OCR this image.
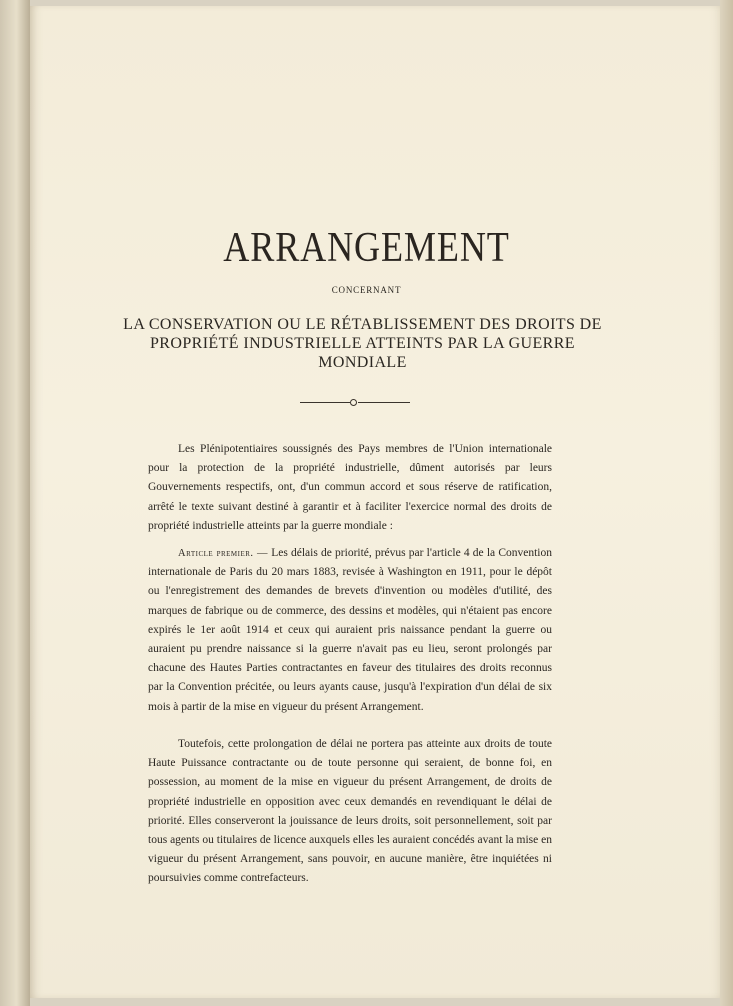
ARRANGEMENT
CONCERNANT
LA CONSERVATION OU LE RÉTABLISSEMENT DES DROITS DE PROPRIÉTÉ INDUSTRIELLE ATTEINTS PAR LA GUERRE MONDIALE

Les Plénipotentiaires soussignés des Pays membres de l'Union internationale pour la protection de la propriété industrielle, dûment autorisés par leurs Gouvernements respectifs, ont, d'un commun accord et sous réserve de ratification, arrêté le texte suivant destiné à garantir et à faciliter l'exercice normal des droits de propriété industrielle atteints par la guerre mondiale :

Article premier. — Les délais de priorité, prévus par l'article 4 de la Convention internationale de Paris du 20 mars 1883, revisée à Washington en 1911, pour le dépôt ou l'enregistrement des demandes de brevets d'invention ou modèles d'utilité, des marques de fabrique ou de commerce, des dessins et modèles, qui n'étaient pas encore expirés le 1er août 1914 et ceux qui auraient pris naissance pendant la guerre ou auraient pu prendre naissance si la guerre n'avait pas eu lieu, seront prolongés par chacune des Hautes Parties contractantes en faveur des titulaires des droits reconnus par la Convention précitée, ou leurs ayants cause, jusqu'à l'expiration d'un délai de six mois à partir de la mise en vigueur du présent Arrangement.

Toutefois, cette prolongation de délai ne portera pas atteinte aux droits de toute Haute Puissance contractante ou de toute personne qui seraient, de bonne foi, en possession, au moment de la mise en vigueur du présent Arrangement, de droits de propriété industrielle en opposition avec ceux demandés en revendiquant le délai de priorité. Elles conserveront la jouissance de leurs droits, soit personnellement, soit par tous agents ou titulaires de licence auxquels elles les auraient concédés avant la mise en vigueur du présent Arrangement, sans pouvoir, en aucune manière, être inquiétées ni poursuivies comme contrefacteurs.
